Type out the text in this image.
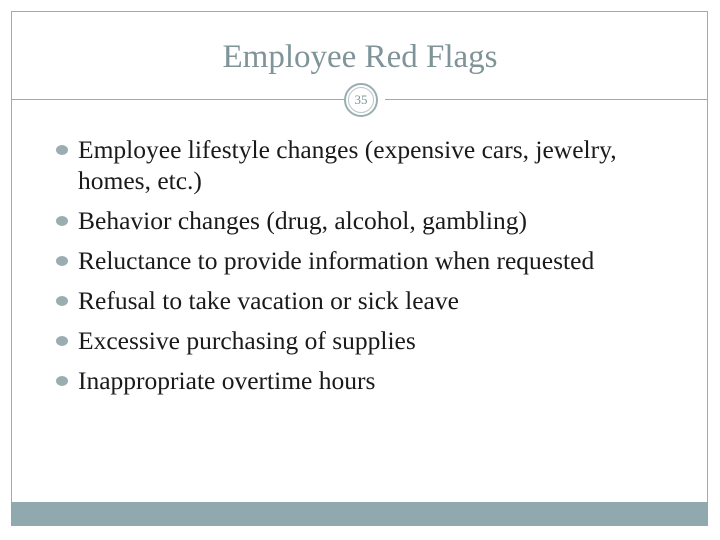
Employee Red Flags
35
Employee lifestyle changes (expensive cars, jewelry, homes, etc.)
Behavior changes (drug, alcohol, gambling)
Reluctance to provide information when requested
Refusal to take vacation or sick leave
Excessive purchasing of supplies
Inappropriate overtime hours
